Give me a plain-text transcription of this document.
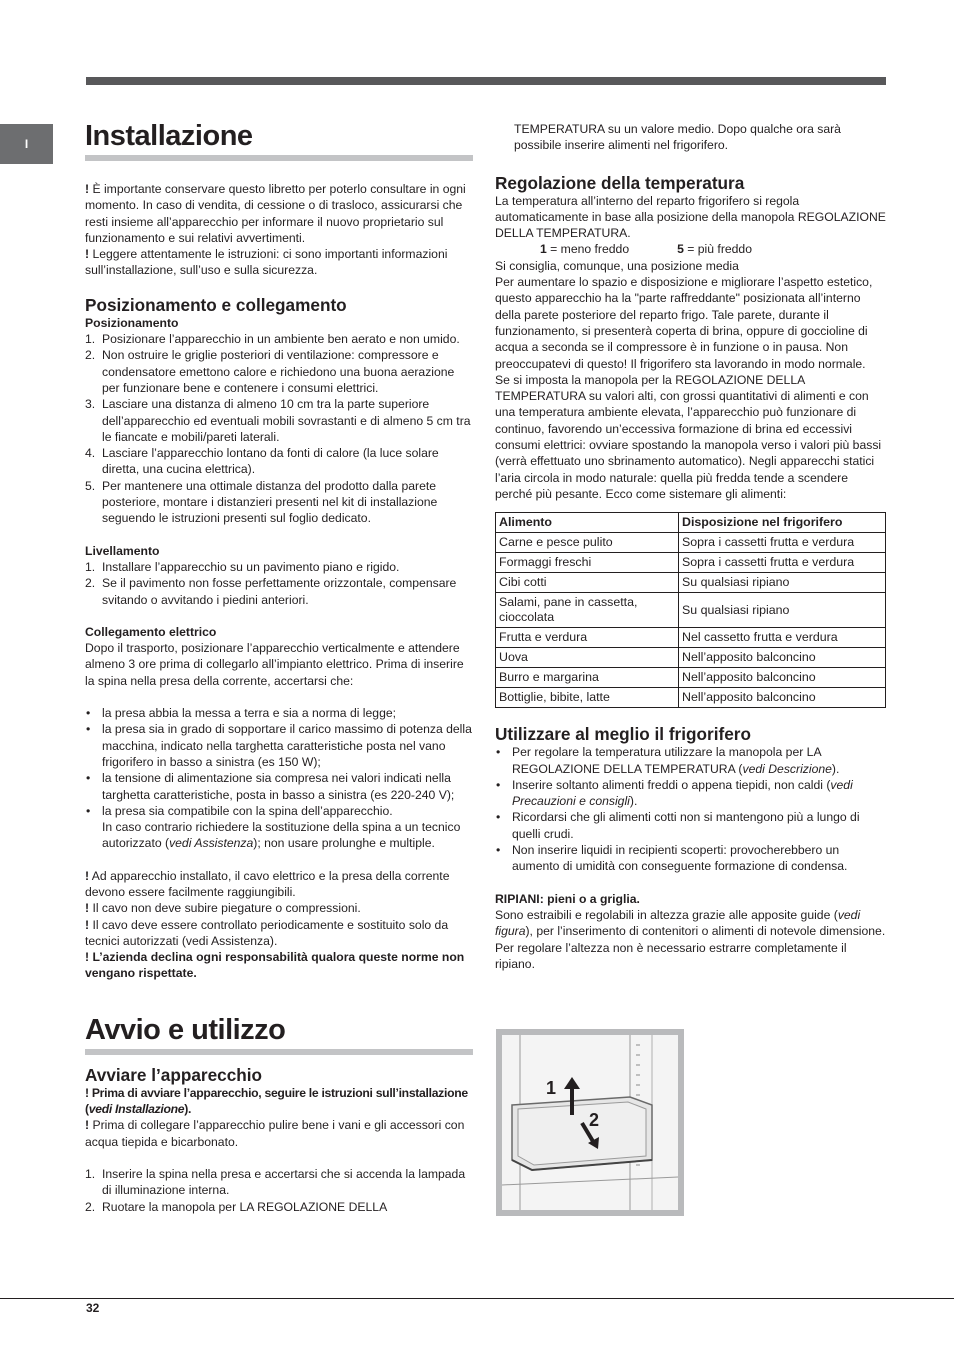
I	Installazione

! È importante conservare questo libretto per poterlo consultare in ogni momento. In caso di vendita, di cessione o di trasloco, assicurarsi che resti insieme all’apparecchio per informare il nuovo proprietario sul funzionamento e sui relativi avvertimenti.

! Leggere attentamente le istruzioni: ci sono importanti informazioni sull’installazione, sull’uso e sulla sicurezza.

Posizionamento e collegamento

Posizionamento

1. Posizionare l’apparecchio in un ambiente ben aerato e non umido.
2. Non ostruire le griglie posteriori di ventilazione: compressore e condensatore emettono calore e richiedono una buona aerazione per funzionare bene e contenere i consumi elettrici.
3. Lasciare una distanza di almeno 10 cm tra la parte superiore dell’apparecchio ed eventuali mobili sovrastanti e di almeno 5 cm tra le fiancate e mobili/pareti laterali.
4. Lasciare l’apparecchio lontano da fonti di calore (la luce solare diretta, una cucina elettrica).
5. Per mantenere una ottimale distanza del prodotto dalla parete posteriore, montare i distanzieri presenti nel kit di installazione seguendo le istruzioni presenti sul foglio dedicato.

Livellamento

1. Installare l’apparecchio su un pavimento piano e rigido.
2. Se il pavimento non fosse perfettamente orizzontale, compensare svitando o avvitando i piedini anteriori.

Collegamento elettrico

Dopo il trasporto, posizionare l’apparecchio verticalmente e attendere almeno 3 ore prima di collegarlo all’impianto elettrico. Prima di inserire la spina nella presa della corrente, accertarsi che:

• la presa abbia la messa a terra e sia a norma di legge;
• la presa sia in grado di sopportare il carico massimo di potenza della macchina, indicato nella targhetta caratteristiche posta nel vano frigorifero in basso a sinistra (es 150 W);
• la tensione di alimentazione sia compresa nei valori indicati nella targhetta caratteristiche, posta in basso a sinistra (es 220-240 V);
• la presa sia compatibile con la spina dell’apparecchio.
In caso contrario richiedere la sostituzione della spina a un tecnico autorizzato (vedi Assistenza); non usare prolunghe e multiple.

! Ad apparecchio installato, il cavo elettrico e la presa della corrente devono essere facilmente raggiungibili.

! Il cavo non deve subire piegature o compressioni.

! Il cavo deve essere controllato periodicamente e sostituito solo da tecnici autorizzati (vedi Assistenza).

! L’azienda declina ogni responsabilità qualora queste norme non vengano rispettate.

Avvio e utilizzo
Avviare l’apparecchio

! Prima di avviare l’apparecchio, seguire le istruzioni sull’installazione (vedi Installazione).

! Prima di collegare l’apparecchio pulire bene i vani e gli accessori con acqua tiepida e bicarbonato.

1. Inserire la spina nella presa e accertarsi che si accenda la lampada di illuminazione interna.
2. Ruotare la manopola per LA REGOLAZIONE DELLA

TEMPERATURA su un valore medio. Dopo qualche ora sarà possibile inserire alimenti nel frigorifero.

Regolazione della temperatura

La temperatura all’interno del reparto frigorifero si regola automaticamente in base alla posizione della manopola REGOLAZIONE DELLA TEMPERATURA.

1 = meno freddo	5 = più freddo

Si consiglia, comunque, una posizione media

Per aumentare lo spazio e disposizione e migliorare l’aspetto estetico, questo apparecchio ha la "parte raffreddante" posizionata all’interno della parete posteriore del reparto frigo. Tale parete, durante il funzionamento, si presenterà coperta di brina, oppure di goccioline di acqua a seconda se il compressore è in funzione o in pausa. Non preoccupatevi di questo! Il frigorifero sta lavorando in modo normale.

Se si imposta la manopola per la REGOLAZIONE DELLA TEMPERATURA su valori alti, con grossi quantitativi di alimenti e con una temperatura ambiente elevata, l’apparecchio può funzionare di continuo, favorendo un’eccessiva formazione di brina ed eccessivi consumi elettrici: ovviare spostando la manopola verso i valori più bassi (verrà effettuato uno sbrinamento automatico). Negli apparecchi statici l’aria circola in modo naturale: quella più fredda tende a scendere perché più pesante. Ecco come sistemare gli alimenti:

Alimento	Disposizione nel frigorifero
Carne e pesce pulito	Sopra i cassetti frutta e verdura
Formaggi freschi	Sopra i cassetti frutta e verdura
Cibi cotti	Su qualsiasi ripiano
Salami, pane in cassetta, cioccolata	Su qualsiasi ripiano
Frutta e verdura	Nel cassetto frutta e verdura
Uova	Nell’apposito balconcino
Burro e margarina	Nell’apposito balconcino
Bottiglie, bibite, latte	Nell’apposito balconcino
Utilizzare al meglio il frigorifero
• Per regolare la temperatura utilizzare la manopola per LA REGOLAZIONE DELLA TEMPERATURA (vedi Descrizione).
• Inserire soltanto alimenti freddi o appena tiepidi, non caldi (vedi Precauzioni e consigli).
• Ricordarsi che gli alimenti cotti non si mantengono più a lungo di quelli crudi.
• Non inserire liquidi in recipienti scoperti: provocherebbero un aumento di umidità con conseguente formazione di condensa.

RIPIANI: pieni o a griglia.

Sono estraibili e regolabili in altezza grazie alle apposite guide (vedi figura), per l’inserimento di contenitori o alimenti di notevole dimensione. Per regolare l’altezza non è necessario estrarre completamente il ripiano.

1
2
32
